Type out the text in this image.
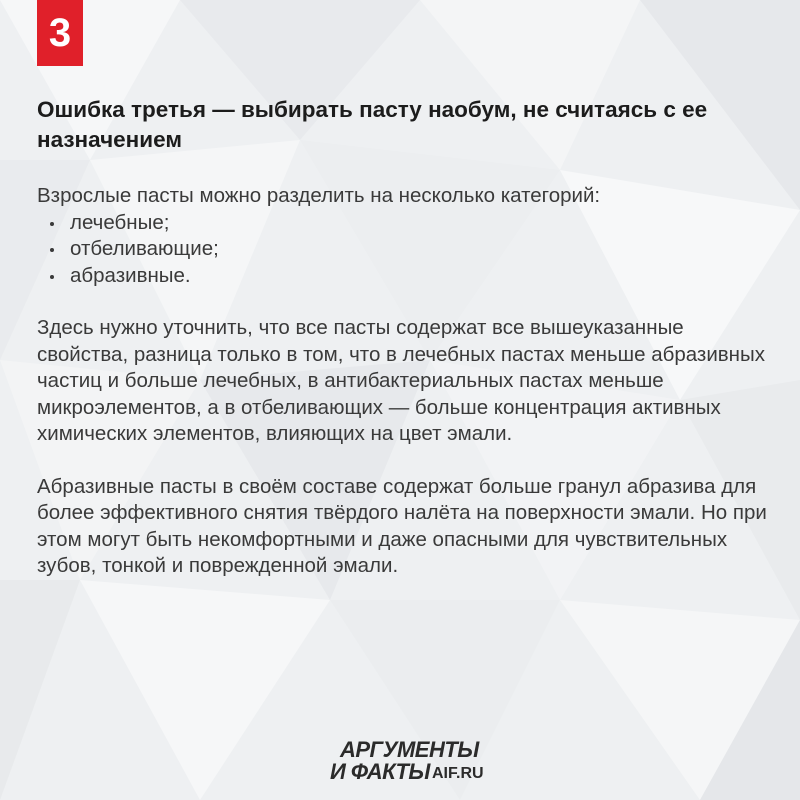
3
Ошибка третья — выбирать пасту наобум, не считаясь с ее назначением

Взрослые пасты можно разделить на несколько категорий:

лечебные;
отбеливающие;
абразивные.

Здесь нужно уточнить, что все пасты содержат все вышеуказанные свойства, разница только в том, что в лечебных пастах меньше абразивных частиц и больше лечебных, в антибактериальных пастах меньше микроэлементов, а в отбеливающих — больше концентрация активных химических элементов, влияющих на цвет эмали.

Абразивные пасты в своём составе содержат больше гранул абразива для более эффективного снятия твёрдого налёта на поверхности эмали. Но при этом могут быть некомфортными и даже опасными для чувствительных зубов, тонкой и поврежденной эмали.

АРГУМЕНТЫ
И ФАКТЫ AIF.RU
